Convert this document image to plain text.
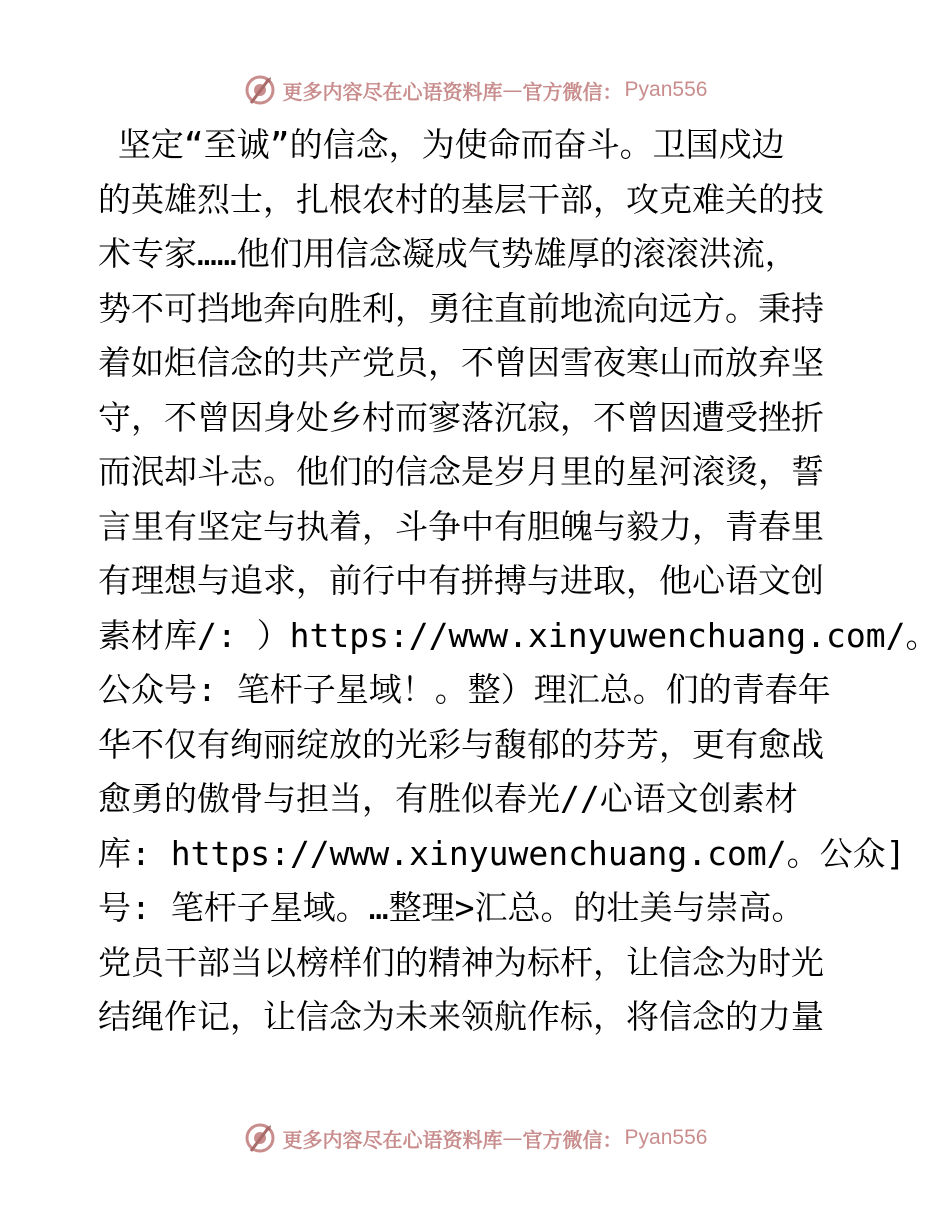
更多内容尽在心语资料库 — 官方微信： Pyan556
坚定“至诚”的信念，为使命而奋斗。卫国戍边
的英雄烈士，扎根农村的基层干部，攻克难关的技
术专家……他们用信念凝成气势雄厚的滚滚洪流，
势不可挡地奔向胜利，勇往直前地流向远方。秉持
着如炬信念的共产党员，不曾因雪夜寒山而放弃坚
守，不曾因身处乡村而寥落沉寂，不曾因遭受挫折
而泯却斗志。他们的信念是岁月里的星河滚烫，誓
言里有坚定与执着，斗争中有胆魄与毅力，青春里
有理想与追求，前行中有拼搏与进取，他心语文创
素材库/: ）https://www.xinyuwenchuang.com/。
公众号: 笔杆子星域！。整）理汇总。们的青春年
华不仅有绚丽绽放的光彩与馥郁的芬芳，更有愈战
愈勇的傲骨与担当，有胜似春光//心语文创素材
库: https://www.xinyuwenchuang.com/。公众]
号: 笔杆子星域。…整理>汇总。的壮美与崇高。
党员干部当以榜样们的精神为标杆，让信念为时光
结绳作记，让信念为未来领航作标，将信念的力量
更多内容尽在心语资料库 — 官方微信： Pyan556
